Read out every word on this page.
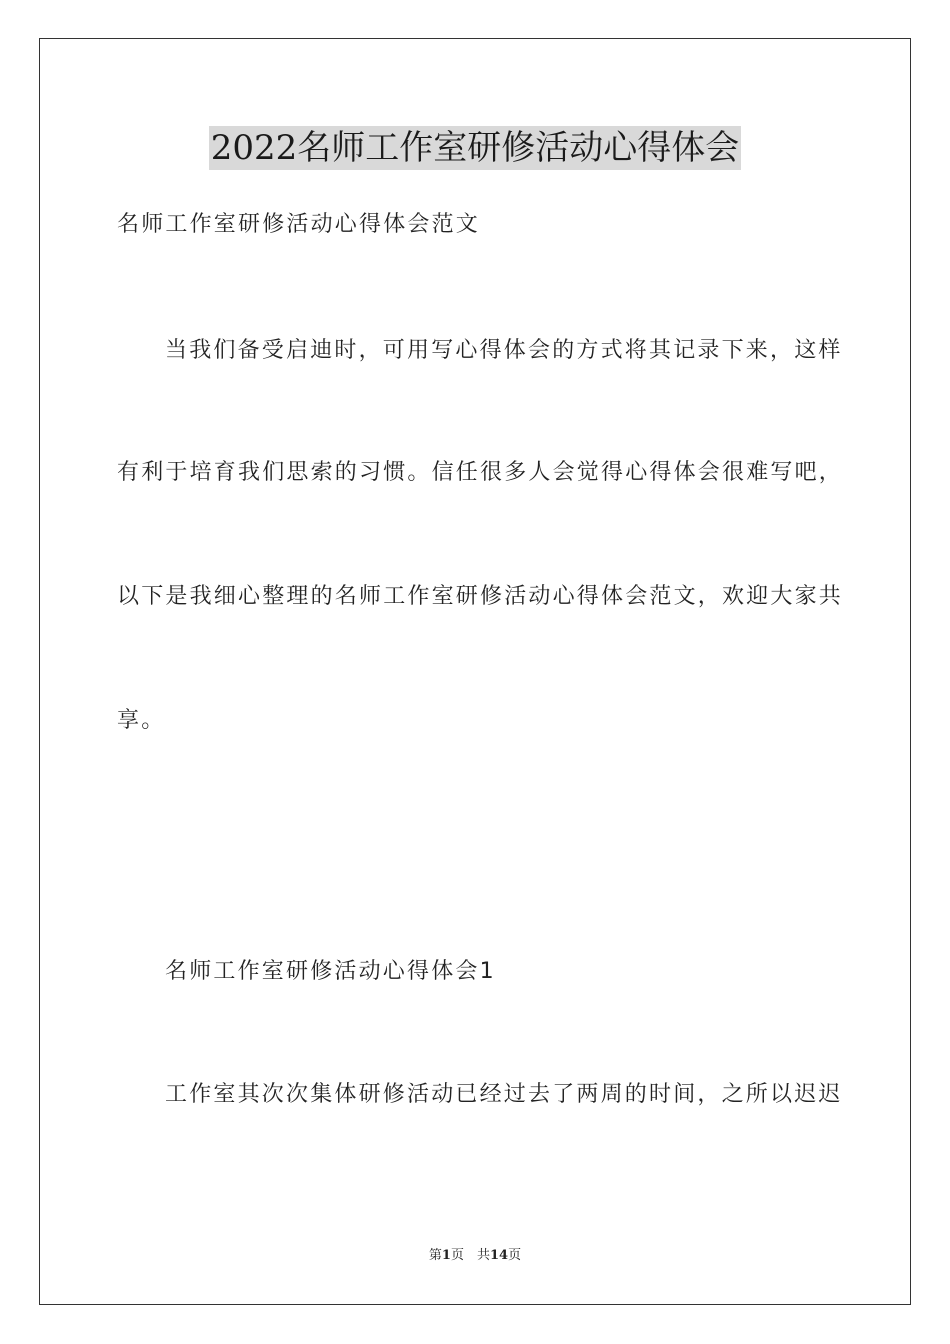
2022名师工作室研修活动心得体会
名师工作室研修活动心得体会范文
当我们备受启迪时，可用写心得体会的方式将其记录下来，这样
有利于培育我们思索的习惯。信任很多人会觉得心得体会很难写吧，
以下是我细心整理的名师工作室研修活动心得体会范文，欢迎大家共
享。
名师工作室研修活动心得体会1
工作室其次次集体研修活动已经过去了两周的时间，之所以迟迟
第1页　共14页
